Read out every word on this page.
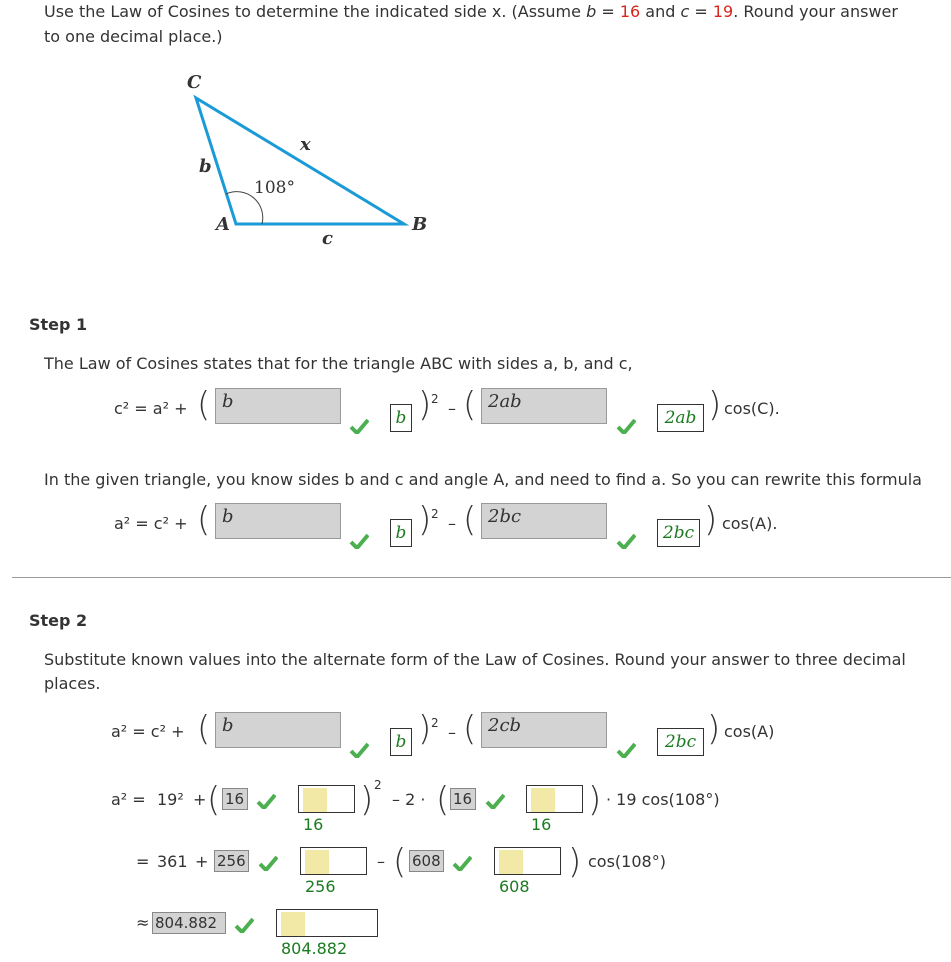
Use the Law of Cosines to determine the indicated side x. (Assume b = 16 and c = 19. Round your answer
to one decimal place.)
C
A	B
x
b
c
108°
Step 1
The Law of Cosines states that for the triangle ABC with sides a, b, and c,
c² = a² + ( b
b ) 2 – ( 2ab
2ab ) cos(C).
In the given triangle, you know sides b and c and angle A, and need to find a. So you can rewrite this formula
a² = c² + ( b
b ) 2 – ( 2bc
2bc ) cos(A).
Step 2
Substitute known values into the alternate form of the Law of Cosines. Round your answer to three decimal places.
a² = c² + ( b
b ) 2 – ( 2cb
2bc ) cos(A)
a² = 19² + ( 16
16
) 2
– 2 · ( 16
16
) · 19 cos(108°)
= 361 + 256
256
– ( 608
608
) cos(108°)
≈ 804.882
804.882
